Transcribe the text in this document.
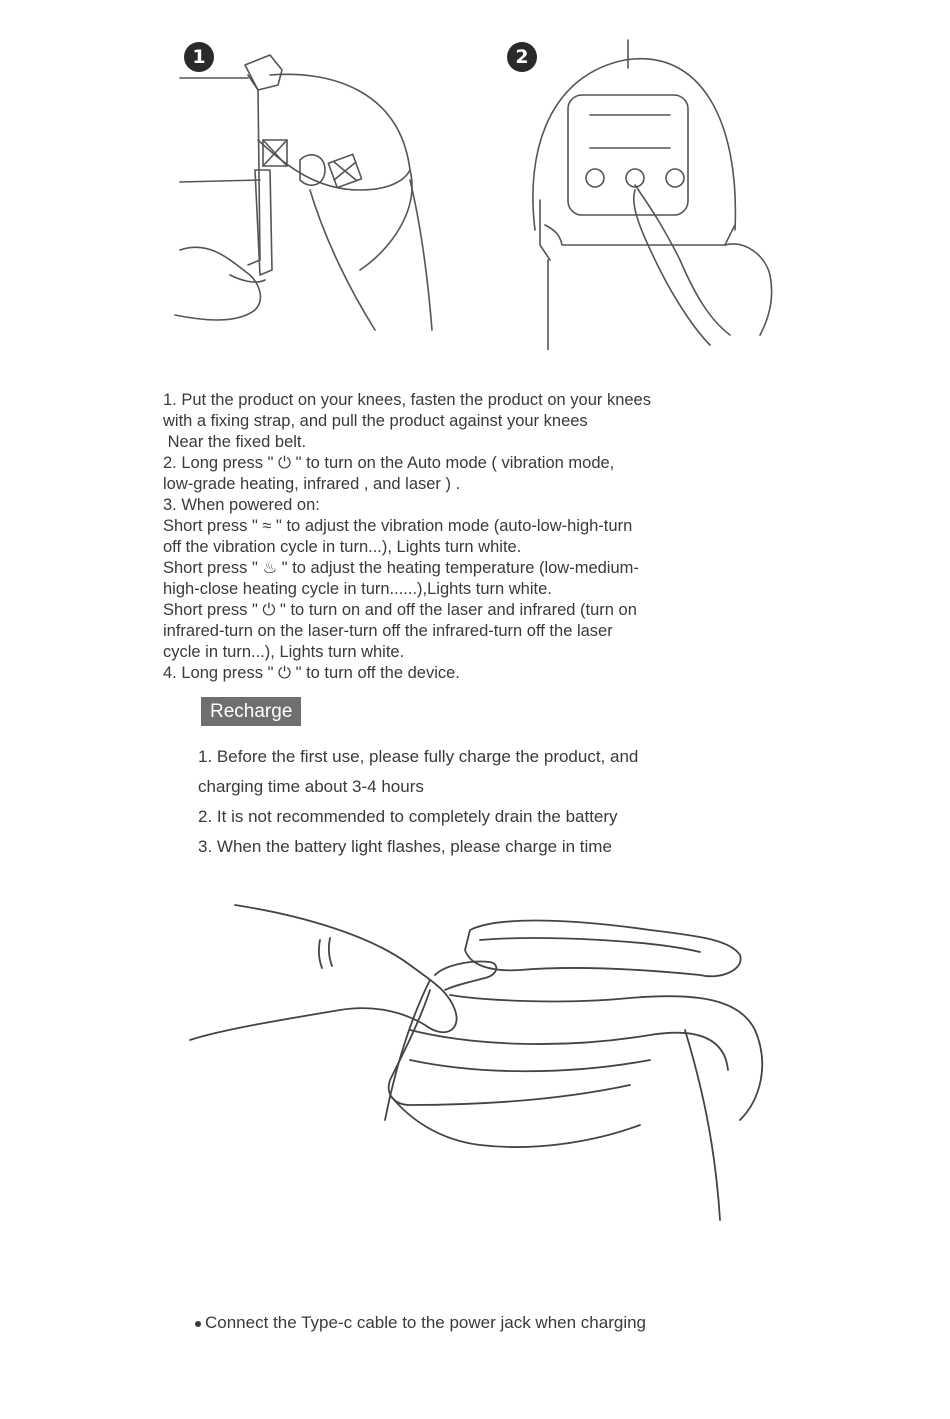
1	2

1. Put the product on your knees, fasten the product on your knees

with a fixing strap, and pull the product against your knees

Near the fixed belt.

2. Long press " ⏻ " to turn on the Auto mode ( vibration mode,

low-grade heating, infrared , and laser ) .

3. When powered on:

Short press " ≈ " to adjust the vibration mode (auto-low-high-turn

off the vibration cycle in turn...), Lights turn white.

Short press " ♨ " to adjust the heating temperature (low-medium-

high-close heating cycle in turn......),Lights turn white.

Short press " ⏻ " to turn on and off the laser and infrared (turn on

infrared-turn on the laser-turn off the infrared-turn off the laser

cycle in turn...), Lights turn white.

4. Long press " ⏻ " to turn off the device.

Recharge

1. Before the first use, please fully charge the product, and

charging time about 3-4 hours

2. It is not recommended to completely drain the battery

3. When the battery light flashes, please charge in time

Connect the Type-c cable to the power jack when charging
